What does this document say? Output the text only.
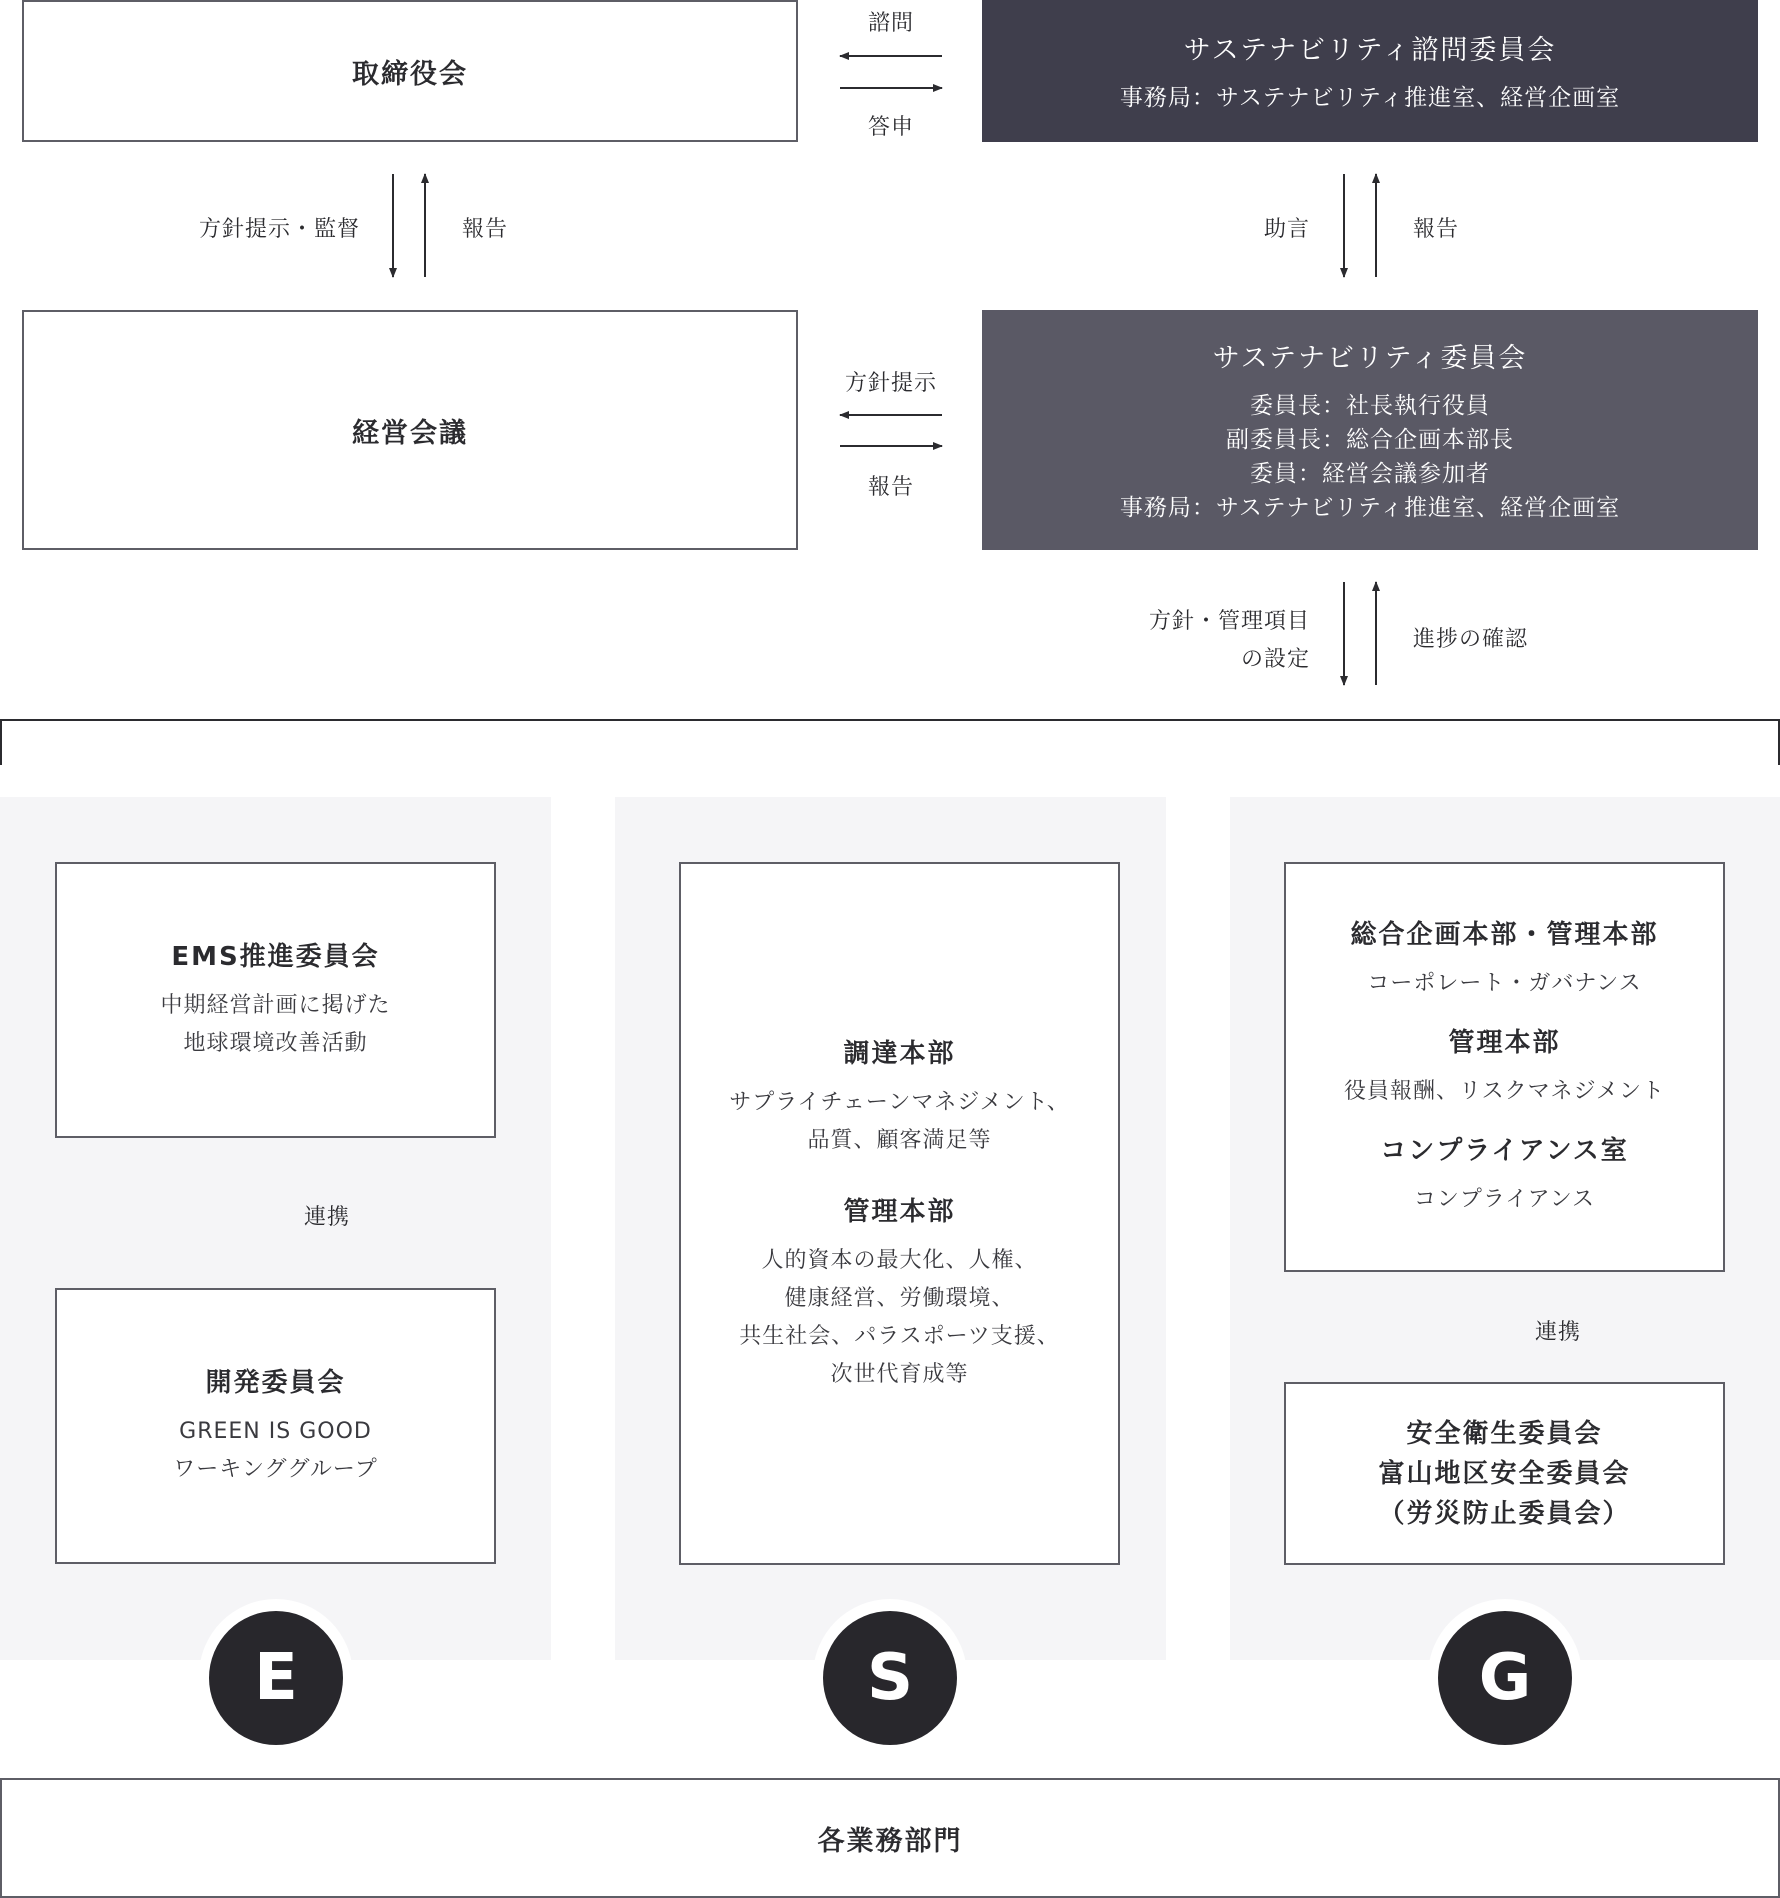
取締役会
サステナビリティ諮問委員会
事務局：サステナビリティ推進室、経営企画室
諮問
答申
方針提示・監督	報告	助言	報告
経営会議
サステナビリティ委員会
委員長：社長執行役員
副委員長：総合企画本部長
委員：経営会議参加者
事務局：サステナビリティ推進室、経営企画室
方針提示
報告
方針・管理項目
の設定
進捗の確認
EMS推進委員会
中期経営計画に掲げた
地球環境改善活動
連携
開発委員会
GREEN IS GOOD
ワーキンググループ
調達本部
サプライチェーンマネジメント、
品質、顧客満足等
管理本部
人的資本の最大化、人権、
健康経営、労働環境、
共生社会、パラスポーツ支援、
次世代育成等
総合企画本部・管理本部
コーポレート・ガバナンス
管理本部
役員報酬、リスクマネジメント
コンプライアンス室
コンプライアンス
連携
安全衛生委員会
富山地区安全委員会
（労災防止委員会）
E	S	G
各業務部門
